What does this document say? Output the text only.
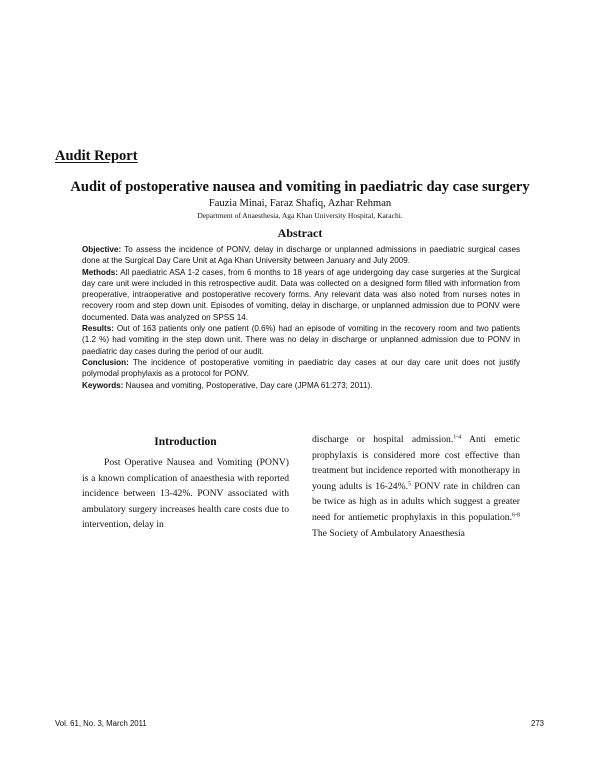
Audit Report
Audit of postoperative nausea and vomiting in paediatric day case surgery
Fauzia Minai, Faraz Shafiq, Azhar Rehman
Department of Anaesthesia, Aga Khan University Hospital, Karachi.
Abstract

Objective: To assess the incidence of PONV, delay in discharge or unplanned admissions in paediatric surgical cases done at the Surgical Day Care Unit at Aga Khan University between January and July 2009.

Methods: All paediatric ASA 1-2 cases, from 6 months to 18 years of age undergoing day case surgeries at the Surgical day care unit were included in this retrospective audit. Data was collected on a designed form filled with information from preoperative, intraoperative and postoperative recovery forms. Any relevant data was also noted from nurses notes in recovery room and step down unit. Episodes of vomiting, delay in discharge, or unplanned admission due to PONV were documented. Data was analyzed on SPSS 14.

Results: Out of 163 patients only one patient (0.6%) had an episode of vomiting in the recovery room and two patients (1.2 %) had vomiting in the step down unit. There was no delay in discharge or unplanned admission due to PONV in paediatric day cases during the period of our audit.

Conclusion: The incidence of postoperative vomiting in paediatric day cases at our day care unit does not justify polymodal prophylaxis as a protocol for PONV.

Keywords: Nausea and vomiting, Postoperative, Day care (JPMA 61:273; 2011).

Introduction

Post Operative Nausea and Vomiting (PONV) is a known complication of anaesthesia with reported incidence between 13-42%. PONV associated with ambulatory surgery increases health care costs due to intervention, delay in

discharge or hospital admission.$^{1-4}$ Anti emetic prophylaxis is considered more cost effective than treatment but incidence reported with monotherapy in young adults is 16-24%.$^5$ PONV rate in children can be twice as high as in adults which suggest a greater need for antiemetic prophylaxis in this population.$^{6-8}$ The Society of Ambulatory Anaesthesia

Vol. 61, No. 3, March 2011	273
